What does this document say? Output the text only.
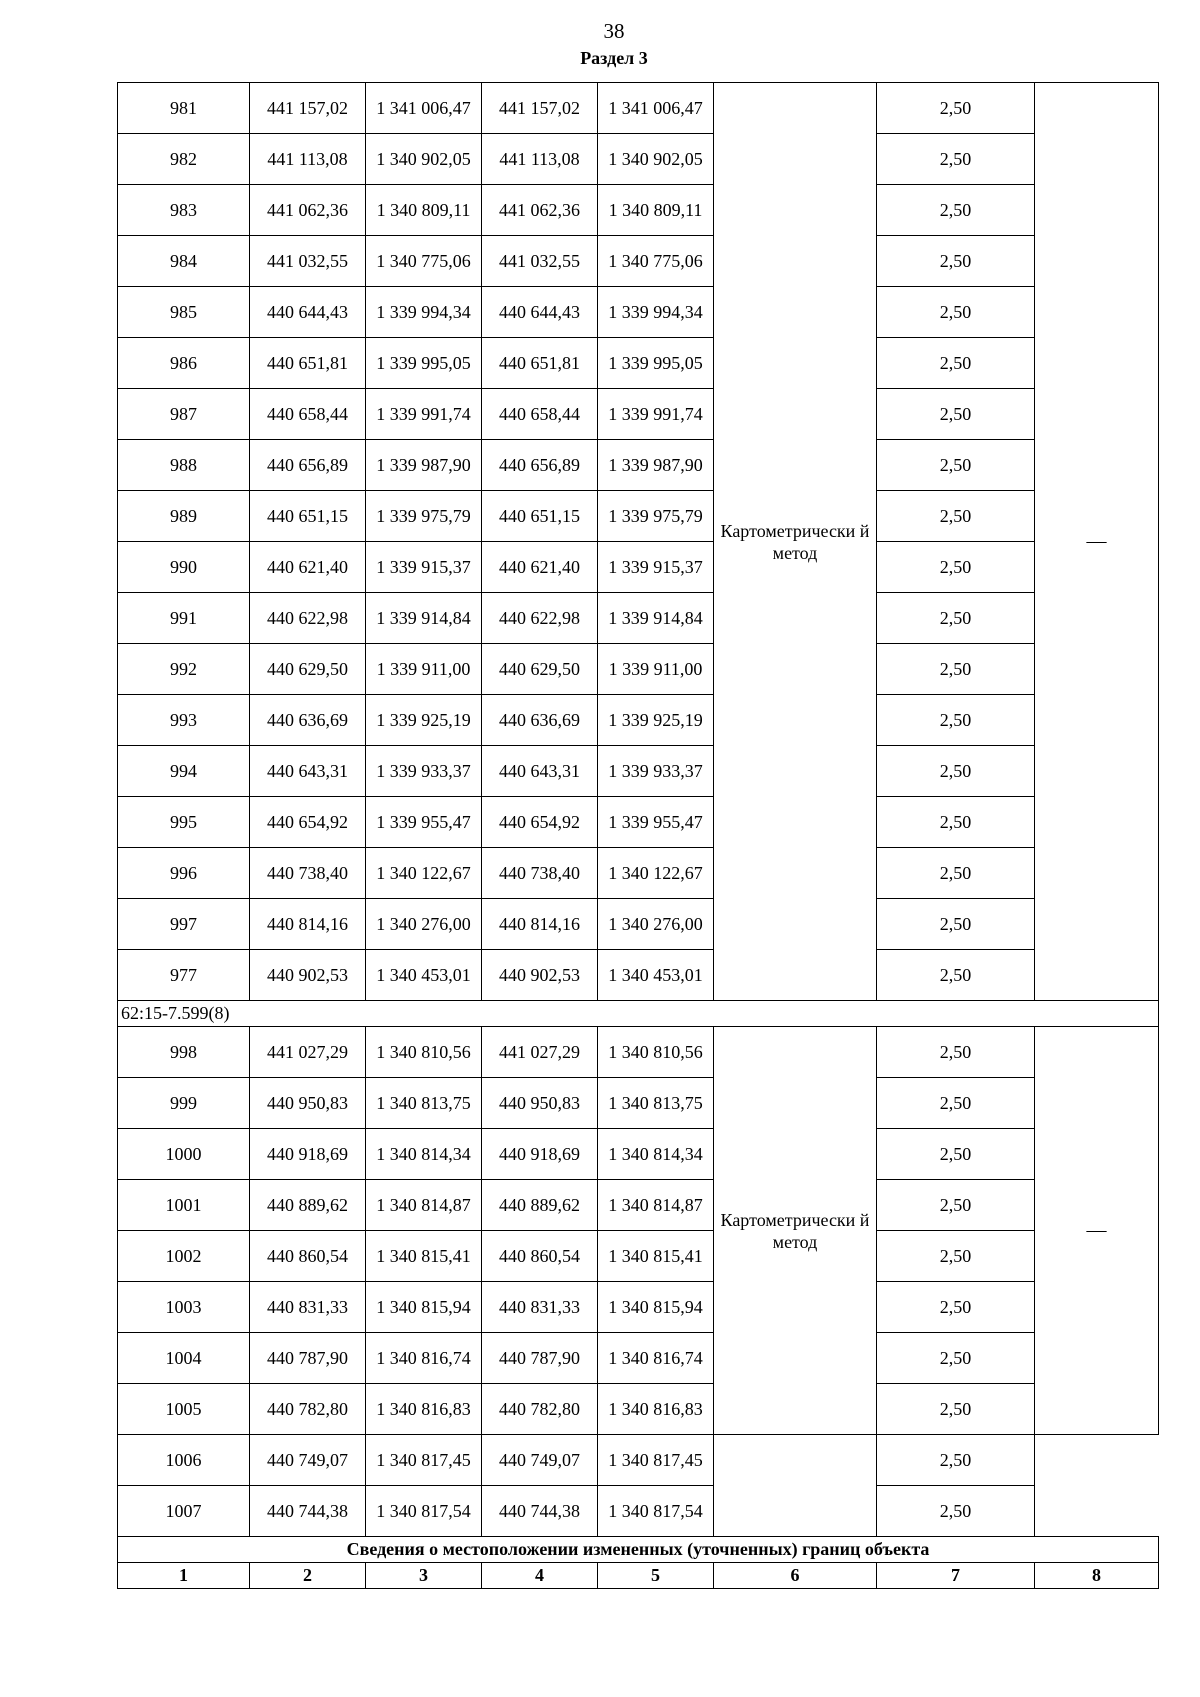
38
Раздел 3
981	441 157,02	1 341 006,47	441 157,02	1 341 006,47	Картометрически й метод	2,50	—
982	441 113,08	1 340 902,05	441 113,08	1 340 902,05		2,50	
983	441 062,36	1 340 809,11	441 062,36	1 340 809,11		2,50	
984	441 032,55	1 340 775,06	441 032,55	1 340 775,06		2,50	
985	440 644,43	1 339 994,34	440 644,43	1 339 994,34		2,50	
986	440 651,81	1 339 995,05	440 651,81	1 339 995,05		2,50	
987	440 658,44	1 339 991,74	440 658,44	1 339 991,74		2,50	
988	440 656,89	1 339 987,90	440 656,89	1 339 987,90		2,50	
989	440 651,15	1 339 975,79	440 651,15	1 339 975,79		2,50	
990	440 621,40	1 339 915,37	440 621,40	1 339 915,37		2,50	
991	440 622,98	1 339 914,84	440 622,98	1 339 914,84		2,50	
992	440 629,50	1 339 911,00	440 629,50	1 339 911,00		2,50	
993	440 636,69	1 339 925,19	440 636,69	1 339 925,19		2,50	
994	440 643,31	1 339 933,37	440 643,31	1 339 933,37		2,50	
995	440 654,92	1 339 955,47	440 654,92	1 339 955,47		2,50	
996	440 738,40	1 340 122,67	440 738,40	1 340 122,67		2,50	
997	440 814,16	1 340 276,00	440 814,16	1 340 276,00		2,50	
977	440 902,53	1 340 453,01	440 902,53	1 340 453,01		2,50	
62:15-7.599(8)							
998	441 027,29	1 340 810,56	441 027,29	1 340 810,56	Картометрически й метод	2,50	—
999	440 950,83	1 340 813,75	440 950,83	1 340 813,75		2,50	
1000	440 918,69	1 340 814,34	440 918,69	1 340 814,34		2,50	
1001	440 889,62	1 340 814,87	440 889,62	1 340 814,87		2,50	
1002	440 860,54	1 340 815,41	440 860,54	1 340 815,41		2,50	
1003	440 831,33	1 340 815,94	440 831,33	1 340 815,94		2,50	
1004	440 787,90	1 340 816,74	440 787,90	1 340 816,74		2,50	
1005	440 782,80	1 340 816,83	440 782,80	1 340 816,83		2,50	
1006	440 749,07	1 340 817,45	440 749,07	1 340 817,45		2,50	
1007	440 744,38	1 340 817,54	440 744,38	1 340 817,54		2,50	
Сведения о местоположении измененных (уточненных) границ объекта							
1	2	3	4	5	6	7	8
